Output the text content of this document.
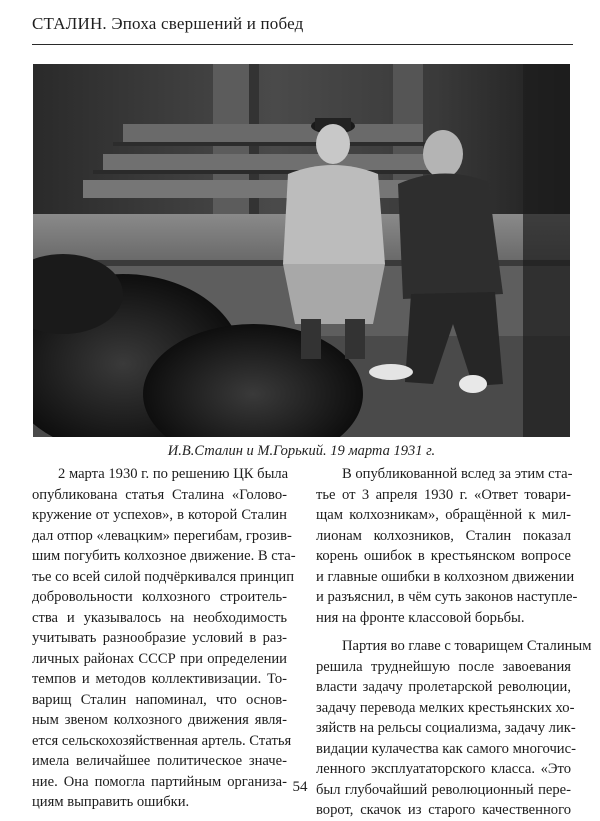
СТАЛИН. Эпоха свершений и побед
И.В.Сталин и М.Горький. 19 марта 1931 г.
2 марта 1930 г. по решению ЦК была
опубликована статья Сталина «Голово-
кружение от успехов», в которой Сталин
дал отпор «левацким» перегибам, грозив-
шим погубить колхозное движение. В ста-
тье со всей силой подчёркивался принцип
добровольности колхозного строитель-
ства и указывалось на необходимость
учитывать разнообразие условий в раз-
личных районах СССР при определении
темпов и методов коллективизации. То-
варищ Сталин напоминал, что основ-
ным звеном колхозного движения явля-
ется сельскохозяйственная артель. Статья
имела величайшее политическое значе-
ние. Она помогла партийным организа-
циям выправить ошибки.
В опубликованной вслед за этим ста-
тье от 3 апреля 1930 г. «Ответ товари-
щам колхозникам», обращённой к мил-
лионам колхозников, Сталин показал
корень ошибок в крестьянском вопросе
и главные ошибки в колхозном движении
и разъяснил, в чём суть законов наступле-
ния на фронте классовой борьбы.
Партия во главе с товарищем Сталиным
решила труднейшую после завоевания
власти задачу пролетарской революции,
задачу перевода мелких крестьянских хо-
зяйств на рельсы социализма, задачу лик-
видации кулачества как самого многочис-
ленного эксплуататорского класса. «Это
был глубочайший революционный пере-
ворот, скачок из старого качественного
54
